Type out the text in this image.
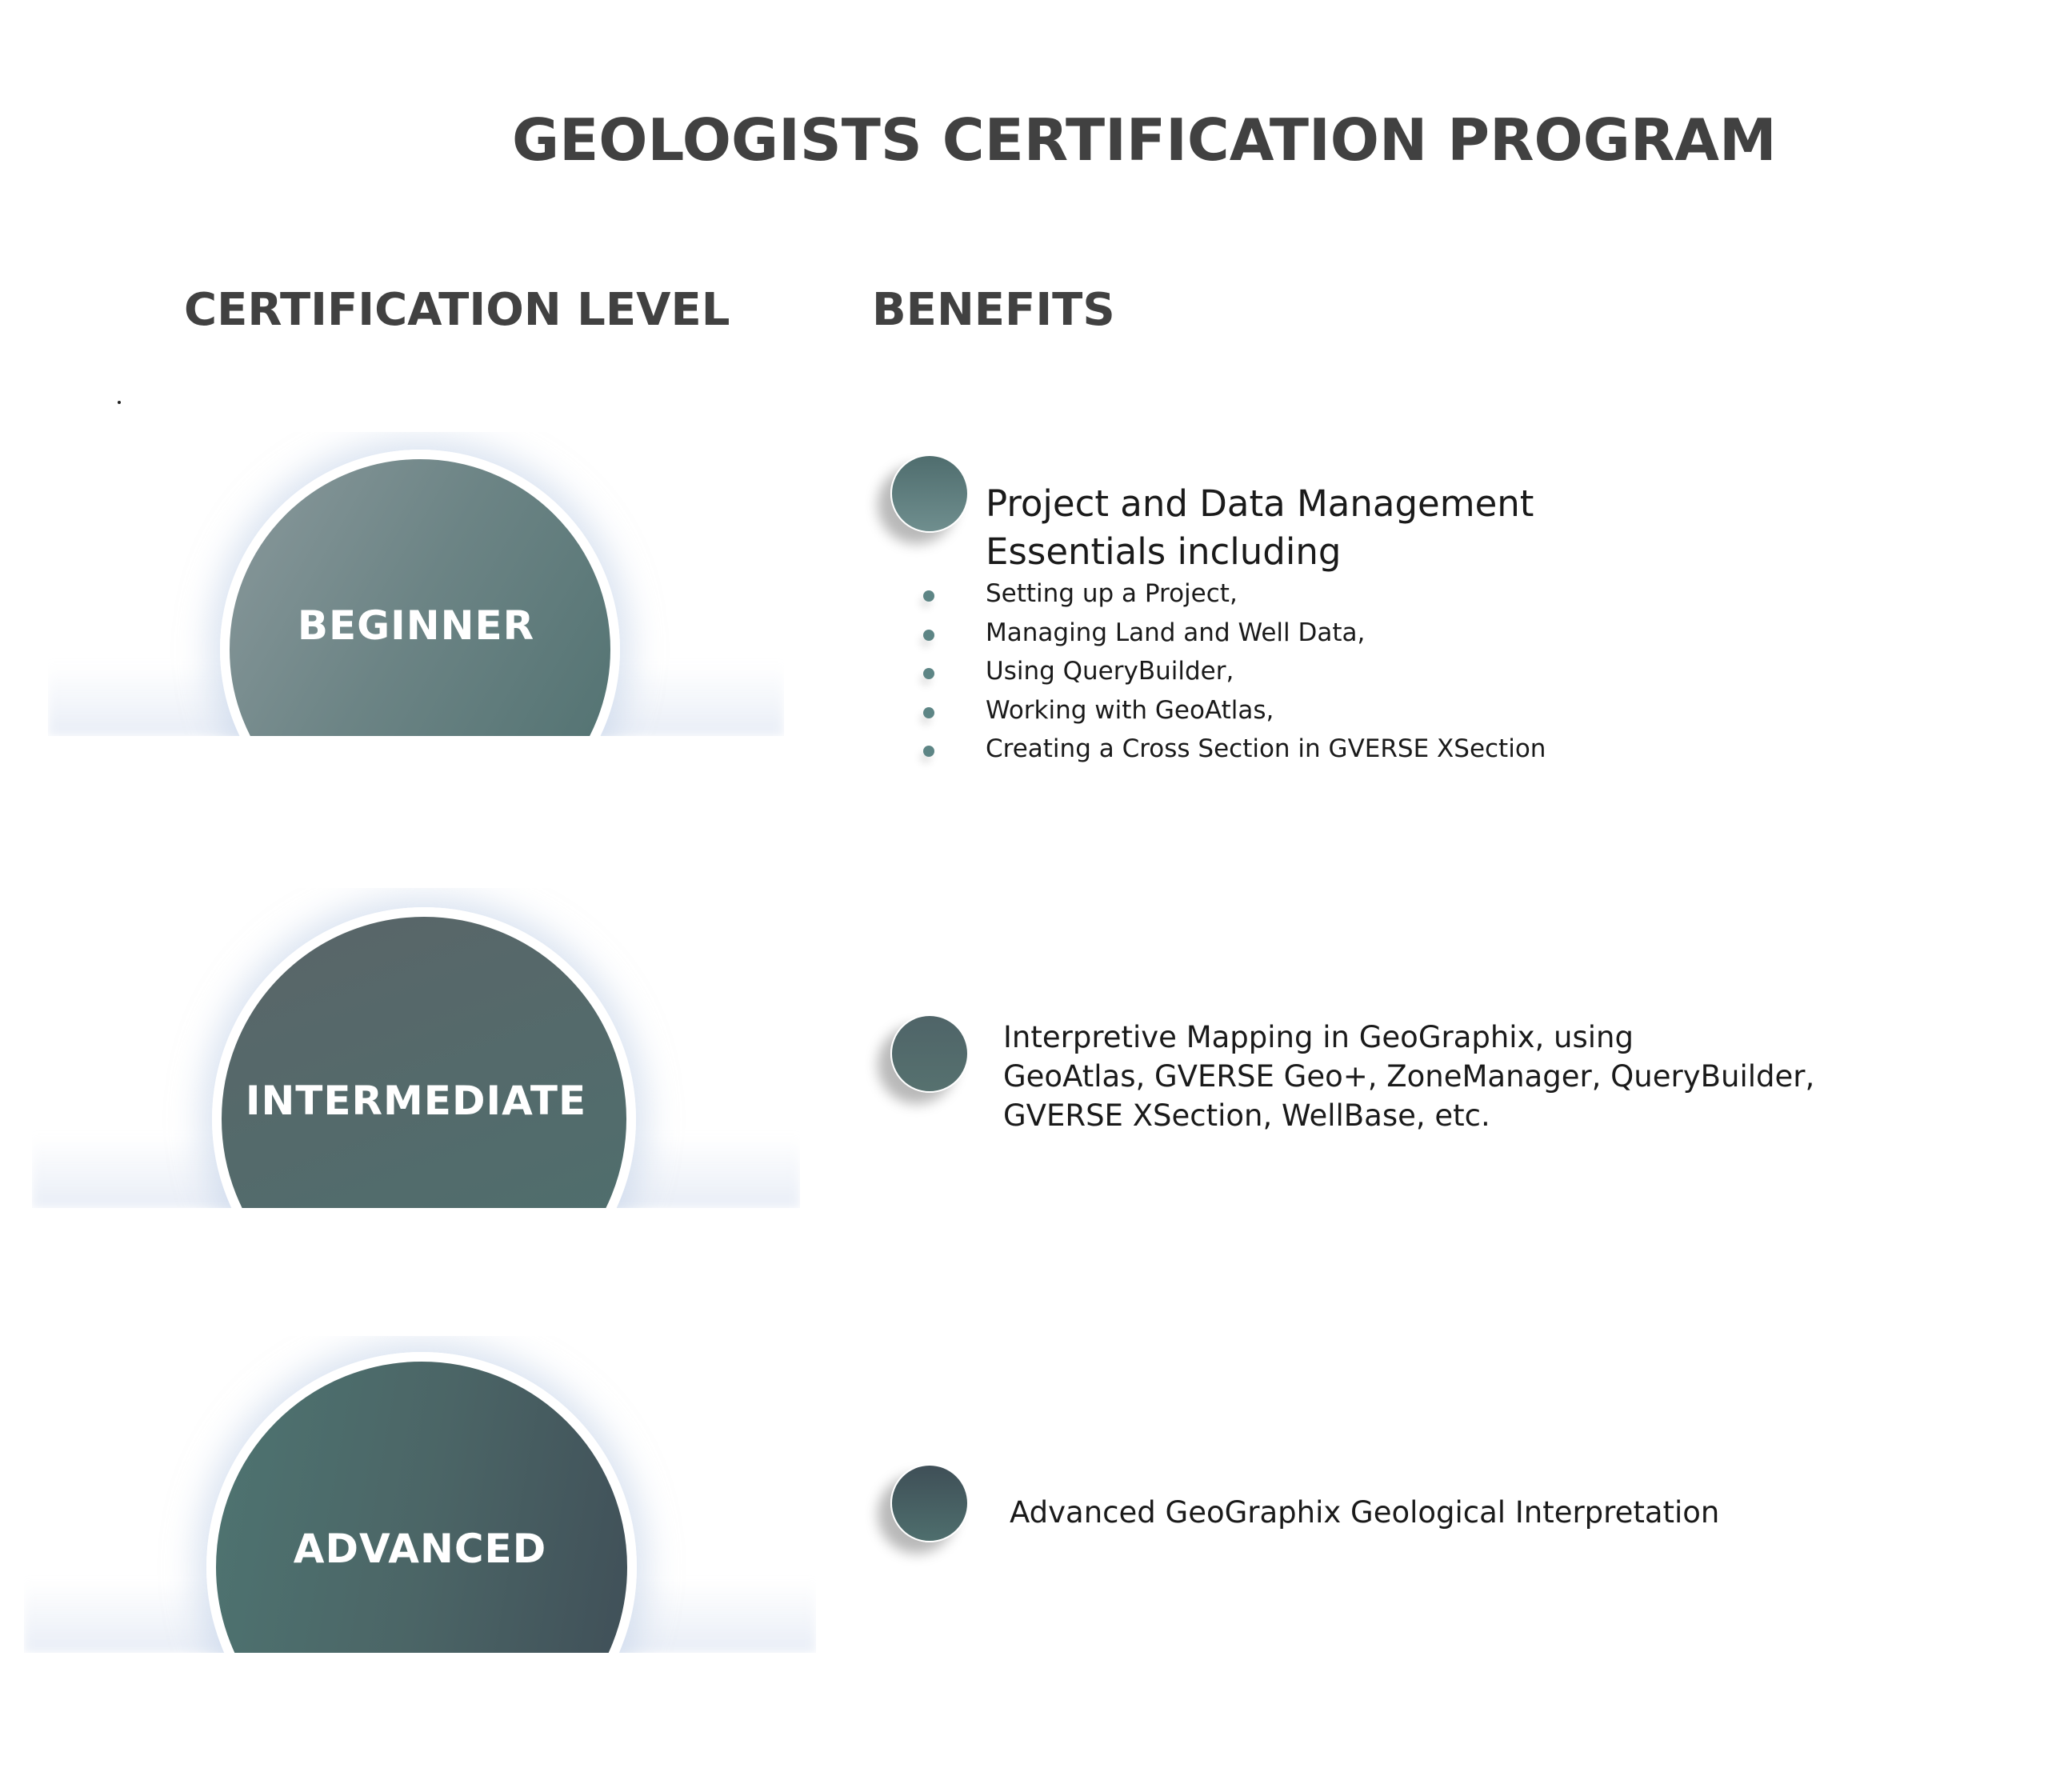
GEOLOGISTS CERTIFICATION PROGRAM
CERTIFICATION LEVEL	BENEFITS
BEGINNER
INTERMEDIATE
ADVANCED
Project and Data Management
Essentials including
Setting up a Project,
Managing Land and Well Data,
Using QueryBuilder,
Working with GeoAtlas,
Creating a Cross Section in GVERSE XSection

Interpretive Mapping in GeoGraphix, using
GeoAtlas, GVERSE Geo+, ZoneManager, QueryBuilder,
GVERSE XSection, WellBase, etc.

Advanced GeoGraphix Geological Interpretation
